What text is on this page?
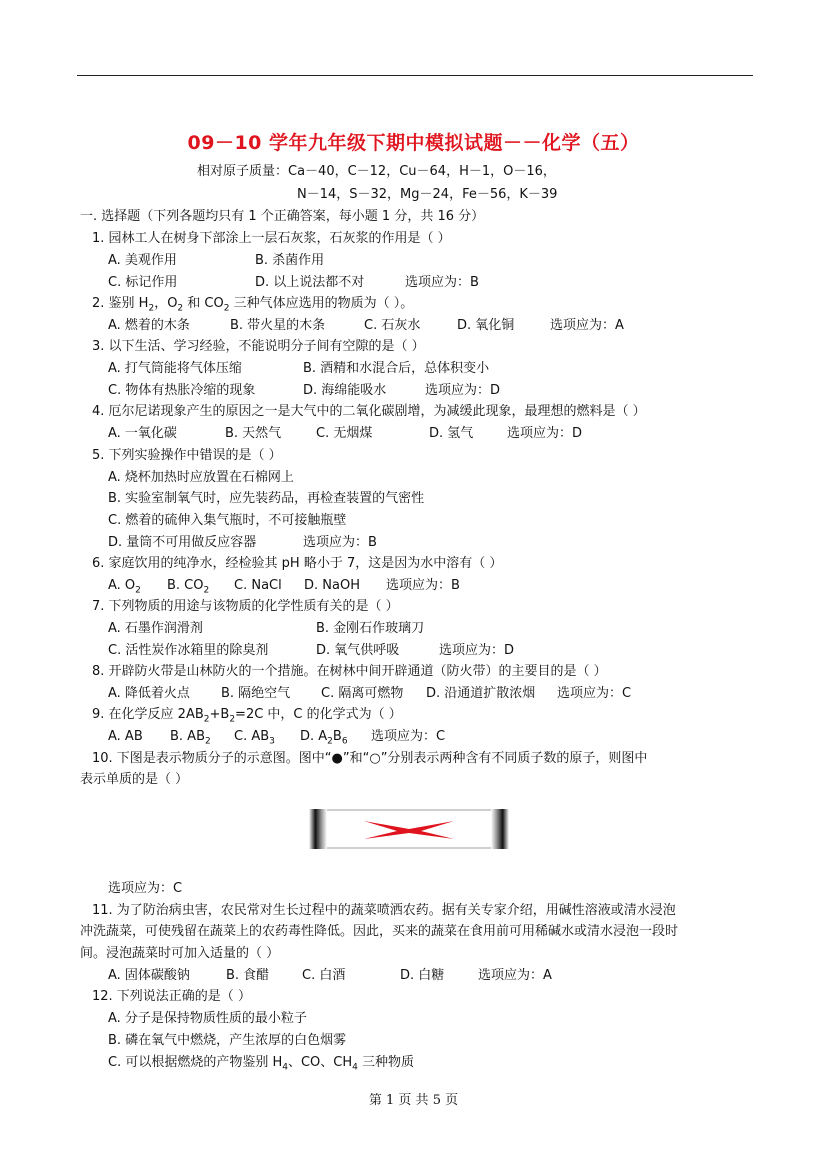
09－10 学年九年级下期中模拟试题－－化学（五）
相对原子质量：Ca－40，C－12，Cu－64，H－1，O－16，
N－14，S－32，Mg－24，Fe－56，K－39
一. 选择题（下列各题均只有 1 个正确答案，每小题 1 分，共 16 分）
1. 园林工人在树身下部涂上一层石灰浆，石灰浆的作用是（ ）
A. 美观作用	B. 杀菌作用
C. 标记作用	D. 以上说法都不对	选项应为：B
2. 鉴别 $H_2$，$O_2$ 和 $CO_2$ 三种气体应选用的物质为（ ）。
A. 燃着的木条	B. 带火星的木条	C. 石灰水	D. 氧化铜	选项应为：A
3. 以下生活、学习经验，不能说明分子间有空隙的是（ ）
A. 打气筒能将气体压缩	B. 酒精和水混合后，总体积变小
C. 物体有热胀冷缩的现象	D. 海绵能吸水	选项应为：D
4. 厄尔尼诺现象产生的原因之一是大气中的二氧化碳剧增，为减缓此现象，最理想的燃料是（ ）
A. 一氧化碳	B. 天然气	C. 无烟煤	D. 氢气	选项应为：D
5. 下列实验操作中错误的是（ ）
A. 烧杯加热时应放置在石棉网上
B. 实验室制氧气时，应先装药品，再检查装置的气密性
C. 燃着的硫伸入集气瓶时，不可接触瓶壁
D. 量筒不可用做反应容器	选项应为：B
6. 家庭饮用的纯净水，经检验其 pH 略小于 7，这是因为水中溶有（ ）
A. $O_2$ B. $CO_2$ C. NaCl D. NaOH 选项应为：B
7. 下列物质的用途与该物质的化学性质有关的是（ ）
A. 石墨作润滑剂	B. 金刚石作玻璃刀
C. 活性炭作冰箱里的除臭剂	D. 氧气供呼吸	选项应为：D
8. 开辟防火带是山林防火的一个措施。在树林中间开辟通道（防火带）的主要目的是（ ）
A. 降低着火点 B. 隔绝空气 C. 隔离可燃物 D. 沿通道扩散浓烟 选项应为：C
9. 在化学反应 $2AB_2+B_2=2C$ 中，C 的化学式为（ ）
A. AB B. $AB_2$ C. $AB_3$ D. $A_2B_6$ 选项应为：C
10. 下图是表示物质分子的示意图。图中“●”和“○”分别表示两种含有不同质子数的原子，则图中
表示单质的是（ ）
选项应为：C
11. 为了防治病虫害，农民常对生长过程中的蔬菜喷洒农药。据有关专家介绍，用碱性溶液或清水浸泡
冲洗蔬菜，可使残留在蔬菜上的农药毒性降低。因此，买来的蔬菜在食用前可用稀碱水或清水浸泡一段时
间。浸泡蔬菜时可加入适量的（ ）
A. 固体碳酸钠	B. 食醋	C. 白酒	D. 白糖	选项应为：A
12. 下列说法正确的是（ ）
A. 分子是保持物质性质的最小粒子
B. 磷在氧气中燃烧，产生浓厚的白色烟雾
C. 可以根据燃烧的产物鉴别 $H_4$、CO、$CH_4$ 三种物质
第 1 页 共 5 页
